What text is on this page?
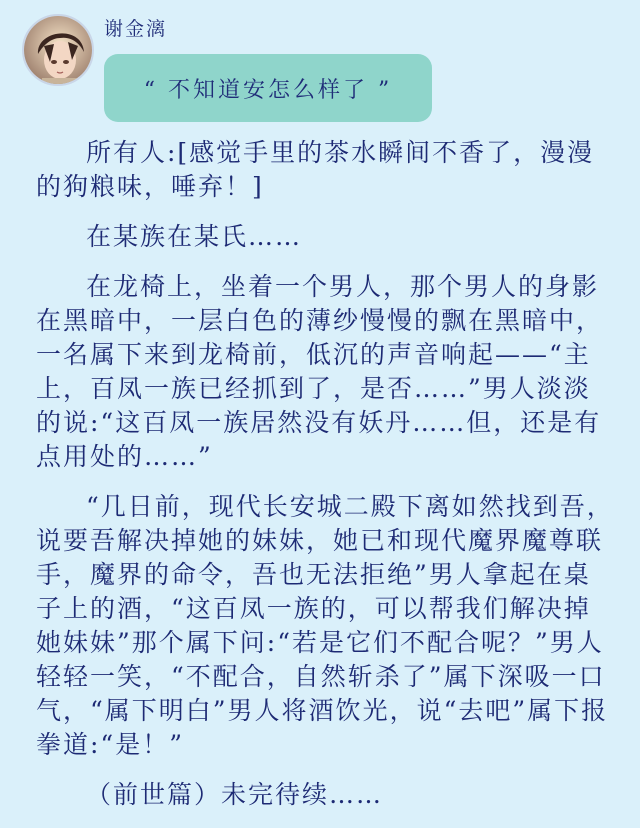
谢金漓
“ 不知道安怎么样了 ”

所有人:[感觉手里的茶水瞬间不香了，漫漫的狗粮味，唾弃！]

在某族在某氏……

在龙椅上，坐着一个男人，那个男人的身影在黑暗中，一层白色的薄纱慢慢的飘在黑暗中，一名属下来到龙椅前，低沉的声音响起——“主上，百凤一族已经抓到了，是否……”男人淡淡的说:“这百凤一族居然没有妖丹……但，还是有点用处的……”

“几日前，现代长安城二殿下离如然找到吾，说要吾解决掉她的妹妹，她已和现代魔界魔尊联手，魔界的命令，吾也无法拒绝”男人拿起在桌子上的酒，“这百凤一族的，可以帮我们解决掉她妹妹”那个属下问:“若是它们不配合呢？”男人轻轻一笑，“不配合，自然斩杀了”属下深吸一口气，“属下明白”男人将酒饮光，说“去吧”属下报拳道:“是！”

（前世篇）未完待续……
